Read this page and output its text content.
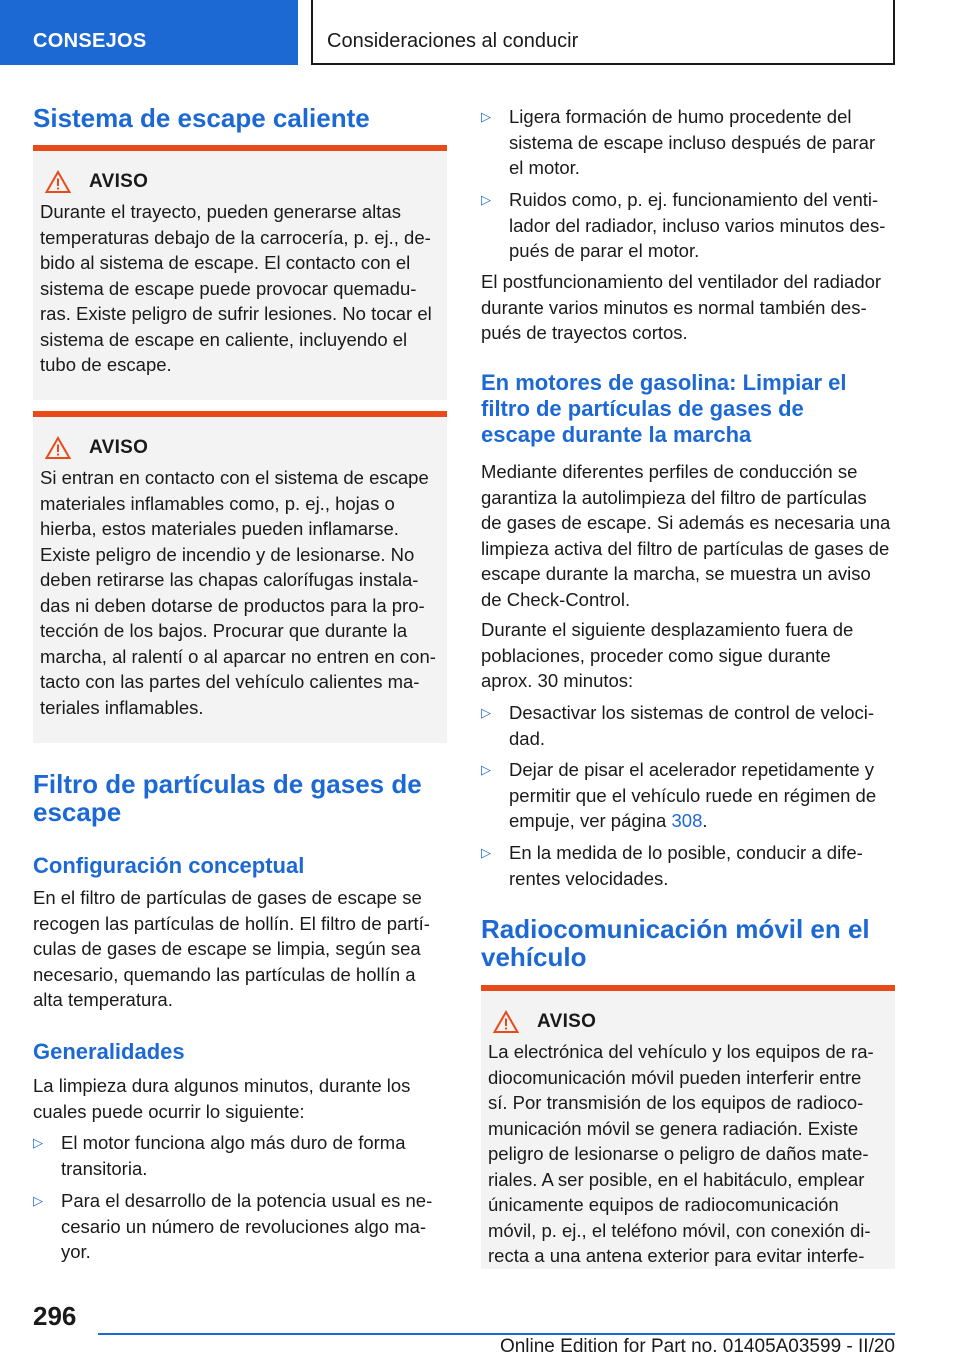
CONSEJOS	Consideraciones al conducir
Sistema de escape caliente
AVISO
Durante el trayecto, pueden generarse altas
temperaturas debajo de la carrocería, p. ej., de-
bido al sistema de escape. El contacto con el
sistema de escape puede provocar quemadu-
ras. Existe peligro de sufrir lesiones. No tocar el
sistema de escape en caliente, incluyendo el
tubo de escape.
AVISO
Si entran en contacto con el sistema de escape
materiales inflamables como, p. ej., hojas o
hierba, estos materiales pueden inflamarse.
Existe peligro de incendio y de lesionarse. No
deben retirarse las chapas calorífugas instala-
das ni deben dotarse de productos para la pro-
tección de los bajos. Procurar que durante la
marcha, al ralentí o al aparcar no entren en con-
tacto con las partes del vehículo calientes ma-
teriales inflamables.
Filtro de partículas de gases de
escape
Configuración conceptual
En el filtro de partículas de gases de escape se
recogen las partículas de hollín. El filtro de partí-
culas de gases de escape se limpia, según sea
necesario, quemando las partículas de hollín a
alta temperatura.
Generalidades
La limpieza dura algunos minutos, durante los
cuales puede ocurrir lo siguiente:
▷ El motor funciona algo más duro de forma
transitoria.
▷ Para el desarrollo de la potencia usual es ne-
cesario un número de revoluciones algo ma-
yor.
▷ Ligera formación de humo procedente del
sistema de escape incluso después de parar
el motor.
▷ Ruidos como, p. ej. funcionamiento del venti-
lador del radiador, incluso varios minutos des-
pués de parar el motor.
El postfuncionamiento del ventilador del radiador
durante varios minutos es normal también des-
pués de trayectos cortos.
En motores de gasolina: Limpiar el
filtro de partículas de gases de
escape durante la marcha
Mediante diferentes perfiles de conducción se
garantiza la autolimpieza del filtro de partículas
de gases de escape. Si además es necesaria una
limpieza activa del filtro de partículas de gases de
escape durante la marcha, se muestra un aviso
de Check-Control.
Durante el siguiente desplazamiento fuera de
poblaciones, proceder como sigue durante
aprox. 30 minutos:
▷ Desactivar los sistemas de control de veloci-
dad.
▷ Dejar de pisar el acelerador repetidamente y
permitir que el vehículo ruede en régimen de
empuje, ver página 308.
▷ En la medida de lo posible, conducir a dife-
rentes velocidades.
Radiocomunicación móvil en el
vehículo
AVISO
La electrónica del vehículo y los equipos de ra-
diocomunicación móvil pueden interferir entre
sí. Por transmisión de los equipos de radioco-
municación móvil se genera radiación. Existe
peligro de lesionarse o peligro de daños mate-
riales. A ser posible, en el habitáculo, emplear
únicamente equipos de radiocomunicación
móvil, p. ej., el teléfono móvil, con conexión di-
recta a una antena exterior para evitar interfe-
296
Online Edition for Part no. 01405A03599 - II/20
